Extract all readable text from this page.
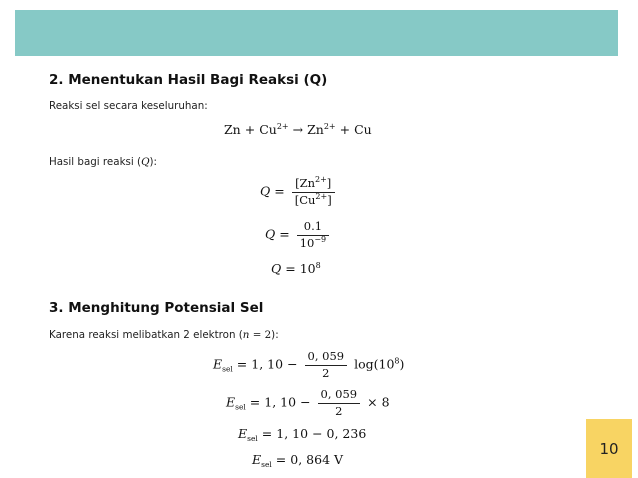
2. Menentukan Hasil Bagi Reaksi (Q)
Reaksi sel secara keseluruhan:
$Zn + Cu^{2+} \to Zn^{2+} + Cu$
Hasil bagi reaksi (Q):
$Q = \frac{[Zn^{2+}]}{[Cu^{2+}]}$
$Q = \frac{0.1}{10^{-9}}$
$Q = 10^8$
3. Menghitung Potensial Sel
Karena reaksi melibatkan 2 elektron (n = 2):
$E_{sel} = 1$, $10 - \frac{0, 059}{2} \log(10^8)$
$E_{sel} = 1$, $10 - \frac{0, 059}{2} \times 8$
$E_{sel} = 1$, 10 − 0, 236
$E_{sel} = 0$, 864 V
10
